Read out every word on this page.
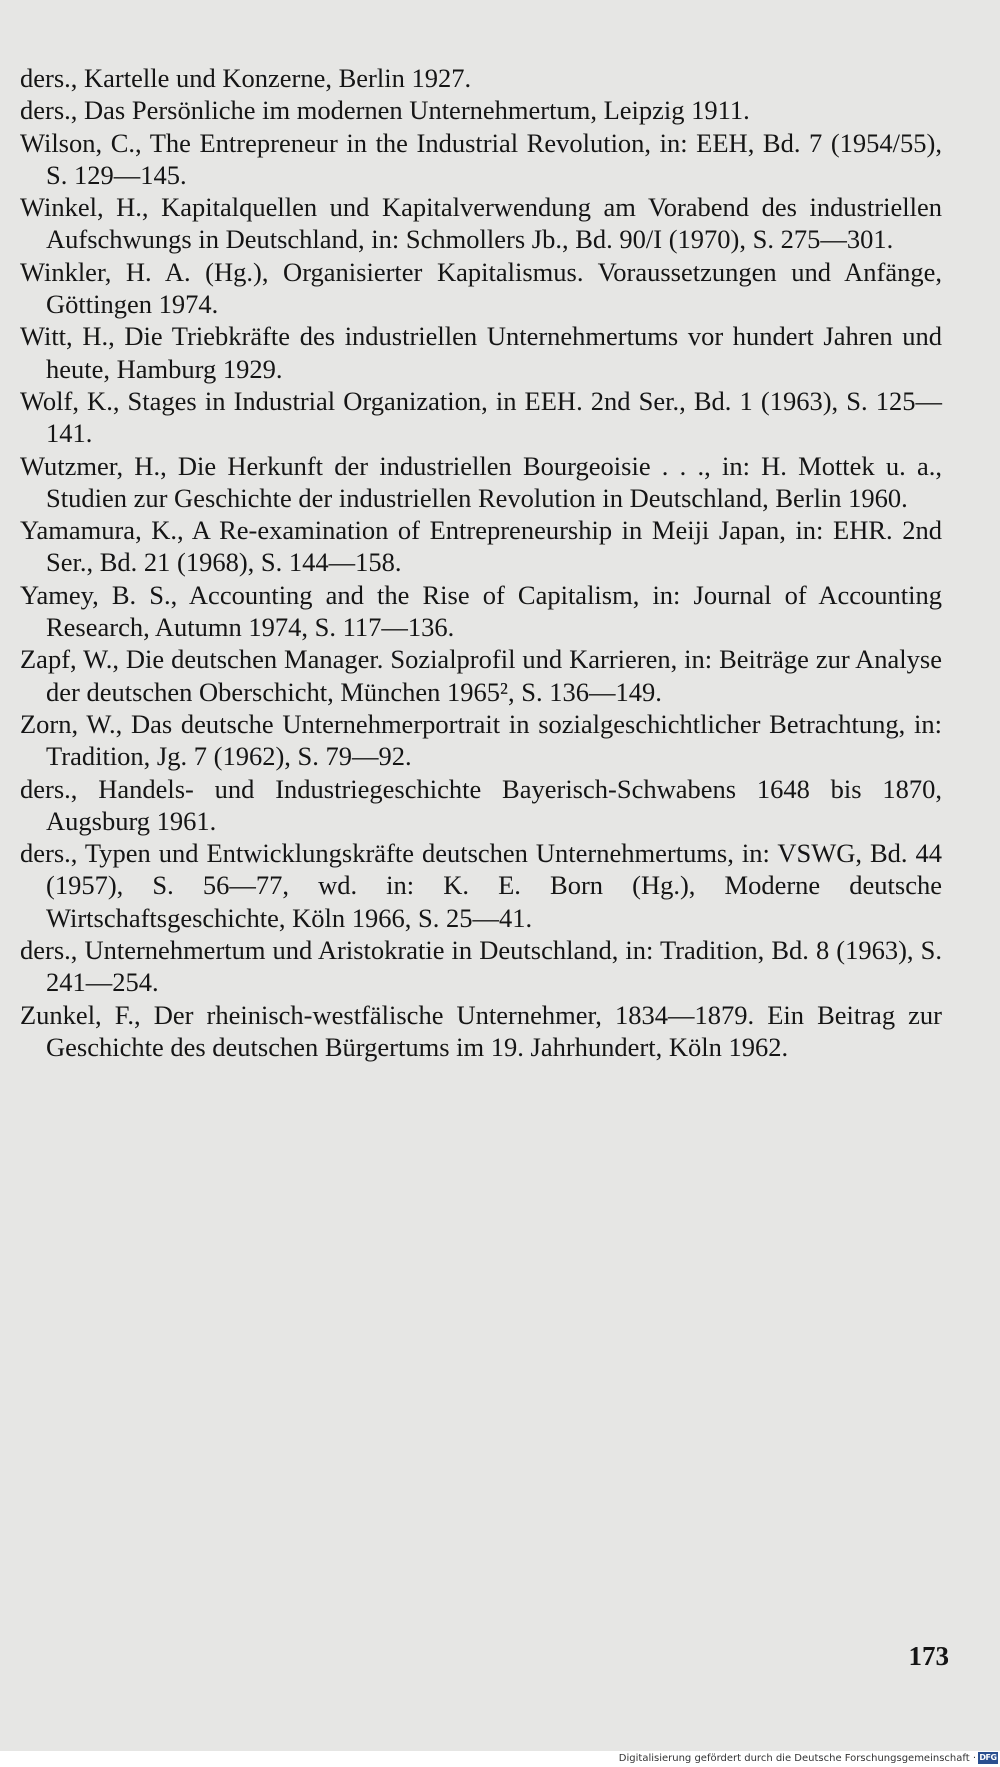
ders., Kartelle und Konzerne, Berlin 1927.
ders., Das Persönliche im modernen Unternehmertum, Leipzig 1911.
Wilson, C., The Entrepreneur in the Industrial Revolution, in: EEH, Bd. 7 (1954/55), S. 129—145.
Winkel, H., Kapitalquellen und Kapitalverwendung am Vorabend des industriellen Aufschwungs in Deutschland, in: Schmollers Jb., Bd. 90/I (1970), S. 275—301.
Winkler, H. A. (Hg.), Organisierter Kapitalismus. Voraussetzungen und Anfänge, Göttingen 1974.
Witt, H., Die Triebkräfte des industriellen Unternehmertums vor hundert Jahren und heute, Hamburg 1929.
Wolf, K., Stages in Industrial Organization, in EEH. 2nd Ser., Bd. 1 (1963), S. 125—141.
Wutzmer, H., Die Herkunft der industriellen Bourgeoisie . . ., in: H. Mottek u. a., Studien zur Geschichte der industriellen Revolution in Deutschland, Berlin 1960.
Yamamura, K., A Re-examination of Entrepreneurship in Meiji Japan, in: EHR. 2nd Ser., Bd. 21 (1968), S. 144—158.
Yamey, B. S., Accounting and the Rise of Capitalism, in: Journal of Accounting Research, Autumn 1974, S. 117—136.
Zapf, W., Die deutschen Manager. Sozialprofil und Karrieren, in: Beiträge zur Analyse der deutschen Oberschicht, München 1965², S. 136—149.
Zorn, W., Das deutsche Unternehmerportrait in sozialgeschichtlicher Betrachtung, in: Tradition, Jg. 7 (1962), S. 79—92.
ders., Handels- und Industriegeschichte Bayerisch-Schwabens 1648 bis 1870, Augsburg 1961.
ders., Typen und Entwicklungskräfte deutschen Unternehmertums, in: VSWG, Bd. 44 (1957), S. 56—77, wd. in: K. E. Born (Hg.), Moderne deutsche Wirtschaftsgeschichte, Köln 1966, S. 25—41.
ders., Unternehmertum und Aristokratie in Deutschland, in: Tradition, Bd. 8 (1963), S. 241—254.
Zunkel, F., Der rheinisch-westfälische Unternehmer, 1834—1879. Ein Beitrag zur Geschichte des deutschen Bürgertums im 19. Jahrhundert, Köln 1962.
173
Digitalisierung gefördert durch die Deutsche Forschungsgemeinschaft · DFG
